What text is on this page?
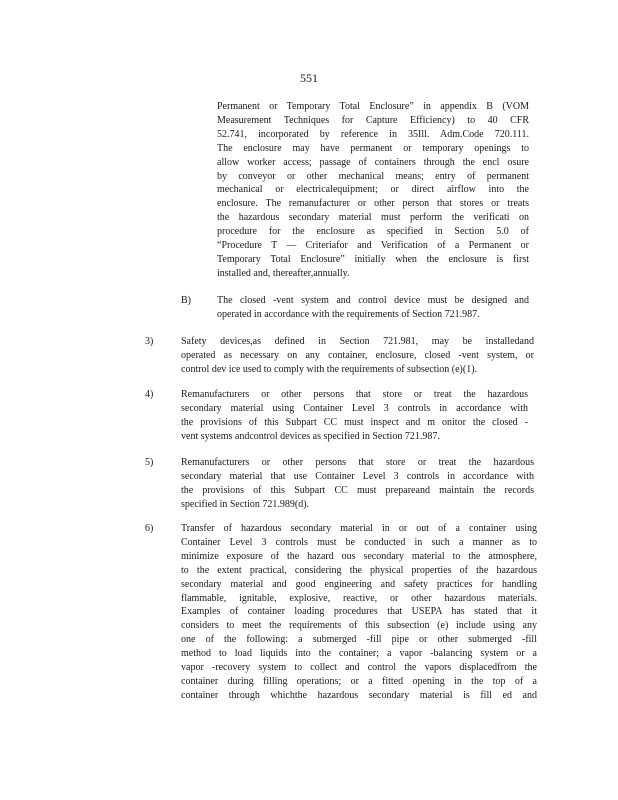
551
Permanent or Temporary Total Enclosure” in appendix B (VOM
Measurement Techniques for Capture Efficiency) to 40 CFR
52.741, incorporated by reference in 35Ill. Adm.Code 720.111.
The enclosure may have permanent or temporary openings to
allow worker access; passage of containers through the encl osure
by conveyor or other mechanical means; entry of permanent
mechanical or electricalequipment; or direct airflow into the
enclosure. The remanufacturer or other person that stores or treats
the hazardous secondary material must perform the verificati on
procedure for the enclosure as specified in Section 5.0 of
“Procedure T — Criteriafor and Verification of a Permanent or
Temporary Total Enclosure” initially when the enclosure is first
installed and, thereafter,annually.
B)	The closed -vent system and control device must be designed and
operated in accordance with the requirements of Section 721.987.
3)	Safety devices,as defined in Section 721.981, may be installedand
operated as necessary on any container, enclosure, closed -vent system, or
control dev ice used to comply with the requirements of subsection (e)(1).
4)	Remanufacturers or other persons that store or treat the hazardous
secondary material using Container Level 3 controls in accordance with
the provisions of this Subpart CC must inspect and m onitor the closed -
vent systems andcontrol devices as specified in Section 721.987.
5)	Remanufacturers or other persons that store or treat the hazardous
secondary material that use Container Level 3 controls in accordance with
the provisions of this Subpart CC must prepareand maintain the records
specified in Section 721.989(d).
6)	Transfer of hazardous secondary material in or out of a container using
Container Level 3 controls must be conducted in such a manner as to
minimize exposure of the hazard ous secondary material to the atmosphere,
to the extent practical, considering the physical properties of the hazardous
secondary material and good engineering and safety practices for handling
flammable, ignitable, explosive, reactive, or other hazardous materials.
Examples of container loading procedures that USEPA has stated that it
considers to meet the requirements of this subsection (e) include using any
one of the following: a submerged -fill pipe or other submerged -fill
method to load liquids into the container; a vapor -balancing system or a
vapor -recovery system to collect and control the vapors displacedfrom the
container during filling operations; or a fitted opening in the top of a
container through whichthe hazardous secondary material is fill ed and
